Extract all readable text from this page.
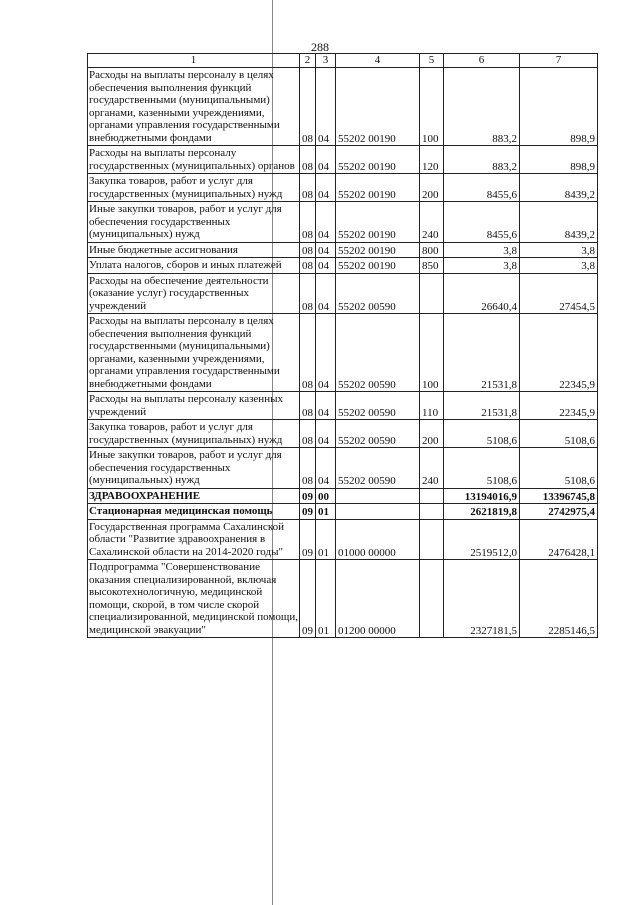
288
1	2	3	4	5	6	7
Расходы на выплаты персоналу в целях обеспечения выполнения функций государственными (муниципальными) органами, казенными учреждениями, органами управления государственными внебюджетными фондами	08	04	55202 00190	100	883,2	898,9
Расходы на выплаты персоналу государственных (муниципальных) органов	08	04	55202 00190	120	883,2	898,9
Закупка товаров, работ и услуг для государственных (муниципальных) нужд	08	04	55202 00190	200	8455,6	8439,2
Иные закупки товаров, работ и услуг для обеспечения государственных (муниципальных) нужд	08	04	55202 00190	240	8455,6	8439,2
Иные бюджетные ассигнования	08	04	55202 00190	800	3,8	3,8
Уплата налогов, сборов и иных платежей	08	04	55202 00190	850	3,8	3,8
Расходы на обеспечение деятельности (оказание услуг) государственных учреждений	08	04	55202 00590		26640,4	27454,5
Расходы на выплаты персоналу в целях обеспечения выполнения функций государственными (муниципальными) органами, казенными учреждениями, органами управления государственными внебюджетными фондами	08	04	55202 00590	100	21531,8	22345,9
Расходы на выплаты персоналу казенных учреждений	08	04	55202 00590	110	21531,8	22345,9
Закупка товаров, работ и услуг для государственных (муниципальных) нужд	08	04	55202 00590	200	5108,6	5108,6
Иные закупки товаров, работ и услуг для обеспечения государственных (муниципальных) нужд	08	04	55202 00590	240	5108,6	5108,6
ЗДРАВООХРАНЕНИЕ	09	00			13194016,9	13396745,8
Стационарная медицинская помощь	09	01			2621819,8	2742975,4
Государственная программа Сахалинской области "Развитие здравоохранения в Сахалинской области на 2014-2020 годы"	09	01	01000 00000		2519512,0	2476428,1
Подпрограмма "Совершенствование оказания специализированной, включая высокотехнологичную, медицинской помощи, скорой, в том числе скорой специализированной, медицинской помощи, медицинской эвакуации"	09	01	01200 00000		2327181,5	2285146,5
